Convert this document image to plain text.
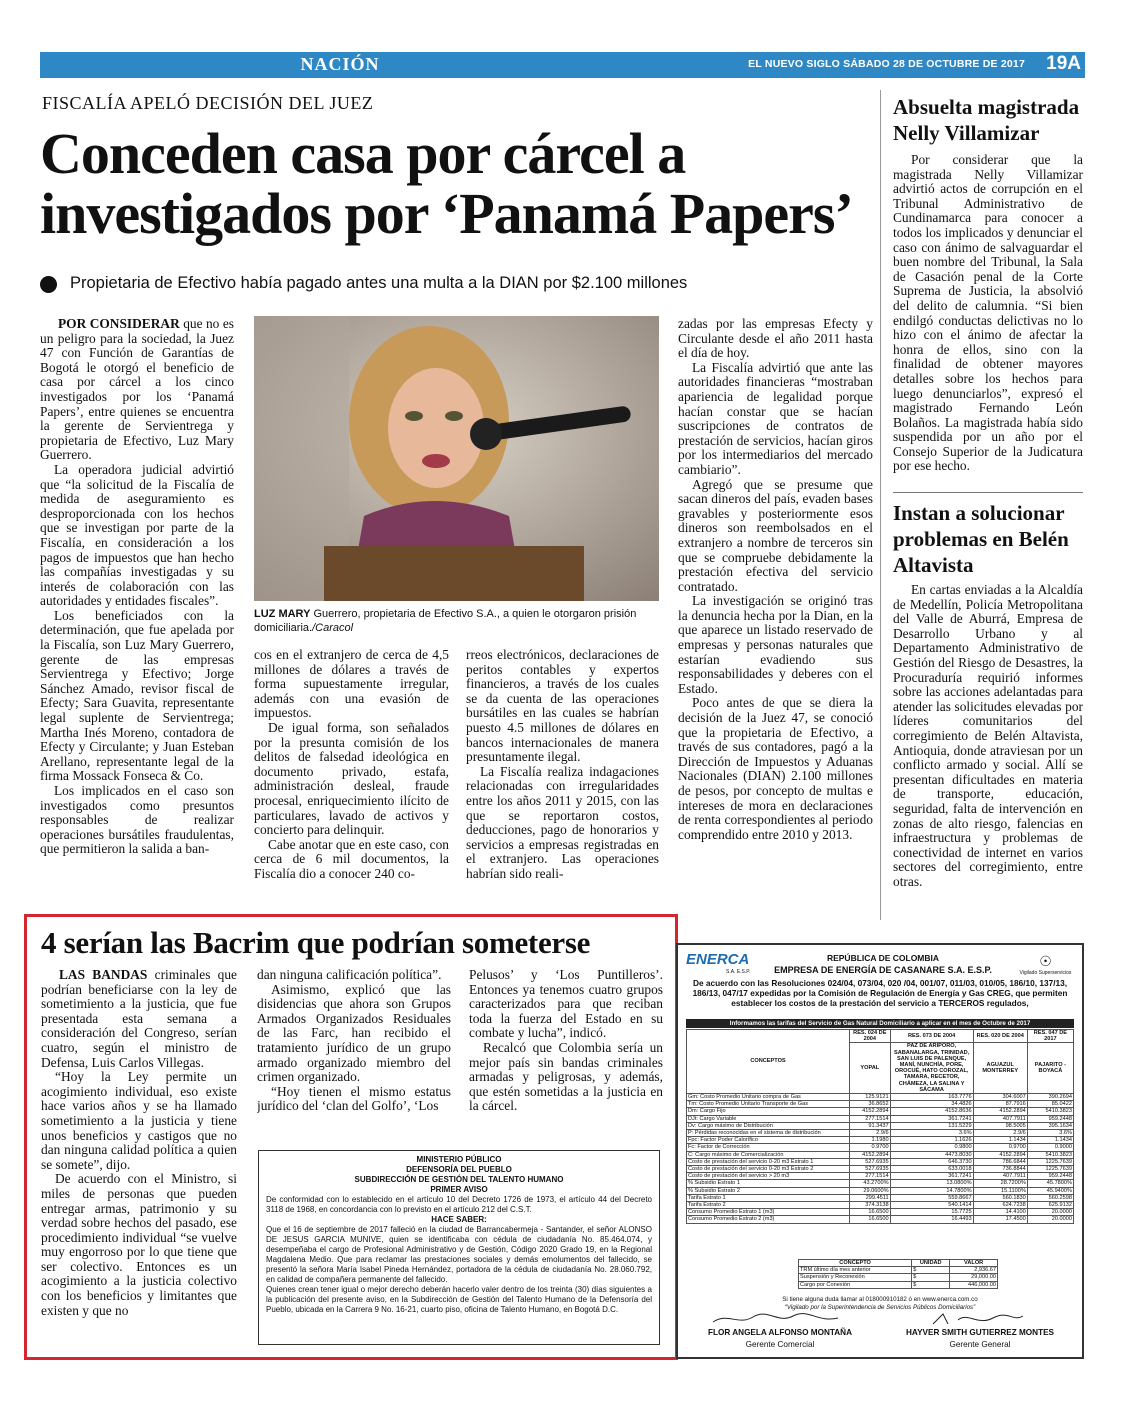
NACIÓN	EL NUEVO SIGLO SÁBADO 28 DE OCTUBRE DE 2017 19A
FISCALÍA APELÓ DECISIÓN DEL JUEZ
Conceden casa por cárcel a
investigados por ‘Panamá Papers’
Propietaria de Efectivo había pagado antes una multa a la DIAN por $2.100 millones

POR CONSIDERAR que no es un peligro para la sociedad, la Juez 47 con Función de Garantías de Bogotá le otorgó el beneficio de casa por cárcel a los cinco investigados por los ‘Panamá Papers’, entre quienes se encuentra la gerente de Servientrega y propietaria de Efectivo, Luz Mary Guerrero.

La operadora judicial advirtió que “la solicitud de la Fiscalía de medida de aseguramiento es desproporcionada con los hechos que se investigan por parte de la Fiscalía, en consideración a los pagos de impuestos que han hecho las compañías investigadas y su interés de colaboración con las autoridades y entidades fiscales”.

Los beneficiados con la determinación, que fue apelada por la Fiscalía, son Luz Mary Guerrero, gerente de las empresas Servientrega y Efectivo; Jorge Sánchez Amado, revisor fiscal de Efecty; Sara Guavita, representante legal suplente de Servientrega; Martha Inés Moreno, contadora de Efecty y Circulante; y Juan Esteban Arellano, representante legal de la firma Mossack Fonseca & Co.

Los implicados en el caso son investigados como presuntos responsables de realizar operaciones bursátiles fraudulentas, que permitieron la salida a ban-

LUZ MARY Guerrero, propietaria de Efectivo S.A., a quien le otorgaron prisión domiciliaria./Caracol

cos en el extranjero de cerca de 4,5 millones de dólares a través de forma supuestamente irregular, además con una evasión de impuestos.

De igual forma, son señalados por la presunta comisión de los delitos de falsedad ideológica en documento privado, estafa, administración desleal, fraude procesal, enriquecimiento ilícito de particulares, lavado de activos y concierto para delinquir.

Cabe anotar que en este caso, con cerca de 6 mil documentos, la Fiscalía dio a conocer 240 co-

rreos electrónicos, declaraciones de peritos contables y expertos financieros, a través de los cuales se da cuenta de las operaciones bursátiles en las cuales se habrían puesto 4.5 millones de dólares en bancos internacionales de manera presuntamente ilegal.

La Fiscalía realiza indagaciones relacionadas con irregularidades entre los años 2011 y 2015, con las que se reportaron costos, deducciones, pago de honorarios y servicios a empresas registradas en el extranjero. Las operaciones habrían sido reali-

zadas por las empresas Efecty y Circulante desde el año 2011 hasta el día de hoy.

La Fiscalía advirtió que ante las autoridades financieras “mostraban apariencia de legalidad porque hacían constar que se hacían suscripciones de contratos de prestación de servicios, hacían giros por los intermediarios del mercado cambiario”.

Agregó que se presume que sacan dineros del país, evaden bases gravables y posteriormente esos dineros son reembolsados en el extranjero a nombre de terceros sin que se compruebe debidamente la prestación efectiva del servicio contratado.

La investigación se originó tras la denuncia hecha por la Dian, en la que aparece un listado reservado de empresas y personas naturales que estarían evadiendo sus responsabilidades y deberes con el Estado.

Poco antes de que se diera la decisión de la Juez 47, se conoció que la propietaria de Efectivo, a través de sus contadores, pagó a la Dirección de Impuestos y Aduanas Nacionales (DIAN) 2.100 millones de pesos, por concepto de multas e intereses de mora en declaraciones de renta correspondientes al periodo comprendido entre 2010 y 2013.

Absuelta magistrada Nelly Villamizar

Por considerar que la magistrada Nelly Villamizar advirtió actos de corrupción en el Tribunal Administrativo de Cundinamarca para conocer a todos los implicados y denunciar el caso con ánimo de salvaguardar el buen nombre del Tribunal, la Sala de Casación penal de la Corte Suprema de Justicia, la absolvió del delito de calumnia. “Si bien endilgó conductas delictivas no lo hizo con el ánimo de afectar la honra de ellos, sino con la finalidad de obtener mayores detalles sobre los hechos para luego denunciarlos”, expresó el magistrado Fernando León Bolaños. La magistrada había sido suspendida por un año por el Consejo Superior de la Judicatura por ese hecho.

Instan a solucionar problemas en Belén Altavista

En cartas enviadas a la Alcaldía de Medellín, Policía Metropolitana del Valle de Aburrá, Empresa de Desarrollo Urbano y al Departamento Administrativo de Gestión del Riesgo de Desastres, la Procuraduría requirió informes sobre las acciones adelantadas para atender las solicitudes elevadas por líderes comunitarios del corregimiento de Belén Altavista, Antioquia, donde atraviesan por un conflicto armado y social. Allí se presentan dificultades en materia de transporte, educación, seguridad, falta de intervención en zonas de alto riesgo, falencias en infraestructura y problemas de conectividad de internet en varios sectores del corregimiento, entre otras.

4 serían las Bacrim que podrían someterse

LAS BANDAS criminales que podrían beneficiarse con la ley de sometimiento a la justicia, que fue presentada esta semana a consideración del Congreso, serían cuatro, según el ministro de Defensa, Luis Carlos Villegas.

“Hoy la Ley permite un acogimiento individual, eso existe hace varios años y se ha llamado sometimiento a la justicia y tiene unos beneficios y castigos que no dan ninguna calidad política a quien se somete”, dijo.

De acuerdo con el Ministro, si miles de personas que pueden entregar armas, patrimonio y su verdad sobre hechos del pasado, ese procedimiento individual “se vuelve muy engorroso por lo que tiene que ser colectivo. Entonces es un acogimiento a la justicia colectivo con los beneficios y limitantes que existen y que no

dan ninguna calificación política”.

Asimismo, explicó que las disidencias que ahora son Grupos Armados Organizados Residuales de las Farc, han recibido el tratamiento jurídico de un grupo armado organizado miembro del crimen organizado.

“Hoy tienen el mismo estatus jurídico del ‘clan del Golfo’, ‘Los

Pelusos’ y ‘Los Puntilleros’. Entonces ya tenemos cuatro grupos caracterizados para que reciban toda la fuerza del Estado en su combate y lucha”, indicó.

Recalcó que Colombia sería un mejor país sin bandas criminales armadas y peligrosas, y además, que estén sometidas a la justicia en la cárcel.

MINISTERIO PÚBLICO
DEFENSORÍA DEL PUEBLO
SUBDIRECCIÓN DE GESTIÓN DEL TALENTO HUMANO
PRIMER AVISO
De conformidad con lo establecido en el artículo 10 del Decreto 1726 de 1973, el artículo 44 del Decreto 3118 de 1968, en concordancia con lo previsto en el artículo 212 del C.S.T.
HACE SABER:
Que el 16 de septiembre de 2017 falleció en la ciudad de Barrancabermeja - Santander, el señor ALONSO DE JESUS GARCIA MUNIVE, quien se identificaba con cédula de ciudadanía No. 85.464.074, y desempeñaba el cargo de Profesional Administrativo y de Gestión, Código 2020 Grado 19, en la Regional Magdalena Medio. Que para reclamar las prestaciones sociales y demás emolumentos del fallecido, se presentó la señora María Isabel Pineda Hernández, portadora de la cédula de ciudadanía No. 28.060.792, en calidad de compañera permanente del fallecido.
Quienes crean tener igual o mejor derecho deberán hacerlo valer dentro de los treinta (30) días siguientes a la publicación del presente aviso, en la Subdirección de Gestión del Talento Humano de la Defensoría del Pueblo, ubicada en la Carrera 9 No. 16-21, cuarto piso, oficina de Talento Humano, en Bogotá D.C.
ENERCA
S.A. E.S.P.
☉
Vigilado Superservicios
REPÚBLICA DE COLOMBIA
EMPRESA DE ENERGÍA DE CASANARE S.A. E.S.P.
De acuerdo con las Resoluciones 024/04, 073/04, 020 /04, 001/07, 011/03, 010/05, 186/10, 137/13, 186/13, 047/17 expedidas por la Comisión de Regulación de Energía y Gas CREG, que permiten establecer los costos de la prestación del servicio a TERCEROS regulados,
Informamos las tarifas del Servicio de Gas Natural Domiciliario a aplicar en el mes de Octubre de 2017
CONCEPTOS	RES. 024 DE 2004	RES. 073 DE 2004	RES. 020 DE 2004	RES. 047 DE 2017
	YOPAL	PAZ DE ARIPORO, SABANALARGA, TRINIDAD, SAN LUIS DE PALENQUE, MANÍ, NUNCHÍA, PORE, OROCUÉ, HATO COROZAL, TAMARA, RECETOR, CHÁMEZA, LA SALINA Y SÁCAMA	AGUAZUL MONTERREY	PAJARITO - BOYACÁ
Gm: Costo Promedio Unitario compra de Gas	125.9121	163.7776	304.6007	390.2694
Tm: Costo Promedio Unitario Transporte de Gas	36.8652	34.4826	87.7916	85.0422
Dm: Cargo Fijo	4152.2894	4152.8636	4152.2894	5410.3823
DJt: Cargo Variable	277.1514	361.7241	407.7911	959.2448
Dv: Cargo máximo de Distribución	91.3437	131.5229	98.5005	395.1634
P: Pérdidas reconocidas en el sistema de distribución	2.9/6	3.6%	2.9/6	3.6%
Fpc: Factor Poder Calorífico	1.1980	1.1626	1.1434	1.1434
Fc: Factor de Corrección	0.9700	0.9800	0.9700	0.9000
C: Cargo máximo de Comercialización	4152.2894	4473.8030	4152.2894	5410.3823
Costo de prestación del servicio 0-20 m3 Estrato 1	527.6935	646.3730	786.6844	1225.7639
Costo de prestación del servicio 0-20 m3 Estrato 2	527.6935	633.0018	736.8844	1225.7639
Costo de prestación del servicio > 20 m3	277.1514	361.7241	407.7911	959.2448
% Subsidio Estrato 1	43.2700%	13.0800%	28.7200%	45.7800%
% Subsidio Estrato 2	29.0600%	14.7800%	15.1100%	45.9400%
Tarifa Estrato 1	299.4511	559.8667	560.1830	560.2598
Tarifa Estrato 2	374.3138	540.1414	624.7238	625.9132
Consumo Promedio Estrato 1 (m3)	16.6500	15.7725	14.4100	20.0000
Consumo Promedio Estrato 2 (m3)	16.6500	16.4493	17.4500	20.0000
CONCEPTO	UNIDAD	VALOR
TRM último día mes anterior	$	2,936.67
Suspensión y Reconexión	$	29,000.00
Cargo por Conexión	$	446,000.00
Si tiene alguna duda llamar al 018000910182 ó en www.enerca.com.co
“Vigilado por la Superintendencia de Servicios Públicos Domiciliarios”
FLOR ANGELA ALFONSO MONTAÑA
Gerente Comercial
HAYVER SMITH GUTIERREZ MONTES
Gerente General
